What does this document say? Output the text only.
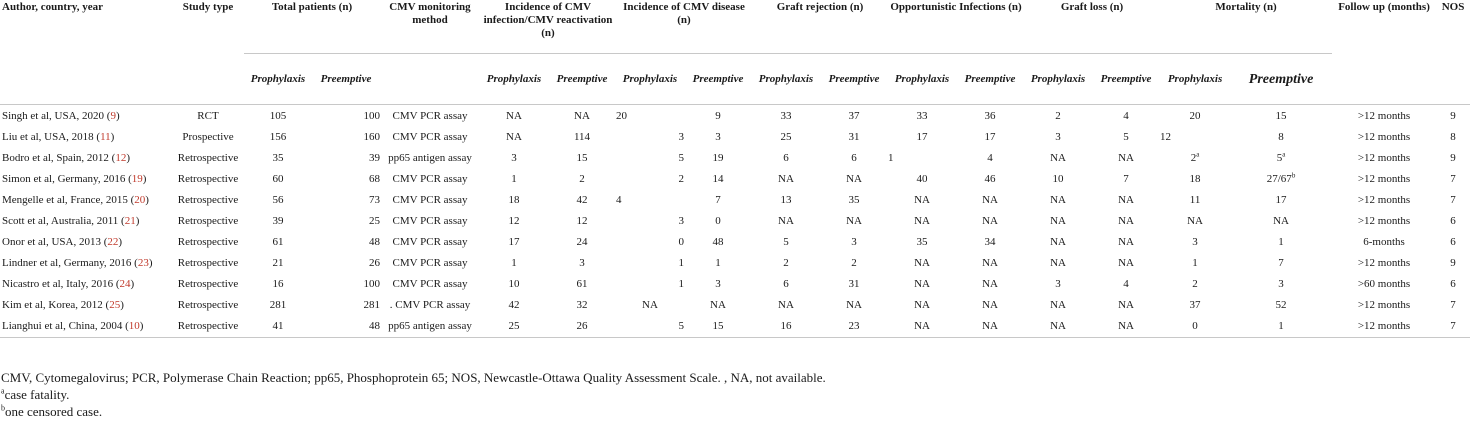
Author, country, year	Study type	Total patients (n)		CMV monitoring method	Incidence of CMV infection/CMV reactivation (n)		Incidence of CMV disease (n)		Graft rejection (n)		Opportunistic Infections (n)		Graft loss (n)		Mortality (n)		Follow up (months)	NOS
		Prophylaxis	Preemptive		Prophylaxis	Preemptive	Prophylaxis	Preemptive	Prophylaxis	Preemptive	Prophylaxis	Preemptive	Prophylaxis	Preemptive	Prophylaxis	Preemptive		
Singh et al, USA, 2020 (9)	RCT	105	100	CMV PCR assay	NA	NA	20	9	33	37	33	36	2	4	20	15	>12 months	9
Liu et al, USA, 2018 (11)	Prospective	156	160	CMV PCR assay	NA	114	3	3	25	31	17	17	3	5	12	8	>12 months	8
Bodro et al, Spain, 2012 (12)	Retrospective	35	39	pp65 antigen assay	3	15	5	19	6	6	1	4	NA	NA	2$^a$	$5^a$	>12 months	9
Simon et al, Germany, 2016 (19)	Retrospective	60	68	CMV PCR assay	1	2	2	14	NA	NA	40	46	10	7	18	$27/67^b$	>12 months	7
Mengelle et al, France, 2015 (20)	Retrospective	56	73	CMV PCR assay	18	42	4	7	13	35	NA	NA	NA	NA	11	17	>12 months	7
Scott et al, Australia, 2011 (21)	Retrospective	39	25	CMV PCR assay	12	12	3	0	NA	NA	NA	NA	NA	NA	NA	NA	>12 months	6
Onor et al, USA, 2013 (22)	Retrospective	61	48	CMV PCR assay	17	24	0	48	5	3	35	34	NA	NA	3	1	6-months	6
Lindner et al, Germany, 2016 (23)	Retrospective	21	26	CMV PCR assay	1	3	1	1	2	2	NA	NA	NA	NA	1	7	>12 months	9
Nicastro et al, Italy, 2016 (24)	Retrospective	16	100	CMV PCR assay	10	61	1	3	6	31	NA	NA	3	4	2	3	>60 months	6
Kim et al, Korea, 2012 (25)	Retrospective	281	281	. CMV PCR assay	42	32	NA	NA	NA	NA	NA	NA	NA	NA	37	52	>12 months	7
Lianghui et al, China, 2004 (10)	Retrospective	41	48	pp65 antigen assay	25	26	5	15	16	23	NA	NA	NA	NA	0	1	>12 months	7

CMV, Cytomegalovirus; PCR, Polymerase Chain Reaction; pp65, Phosphoprotein 65; NOS, Newcastle-Ottawa Quality Assessment Scale. , NA, not available.

$^a$case fatality.

$^b$one censored case.
